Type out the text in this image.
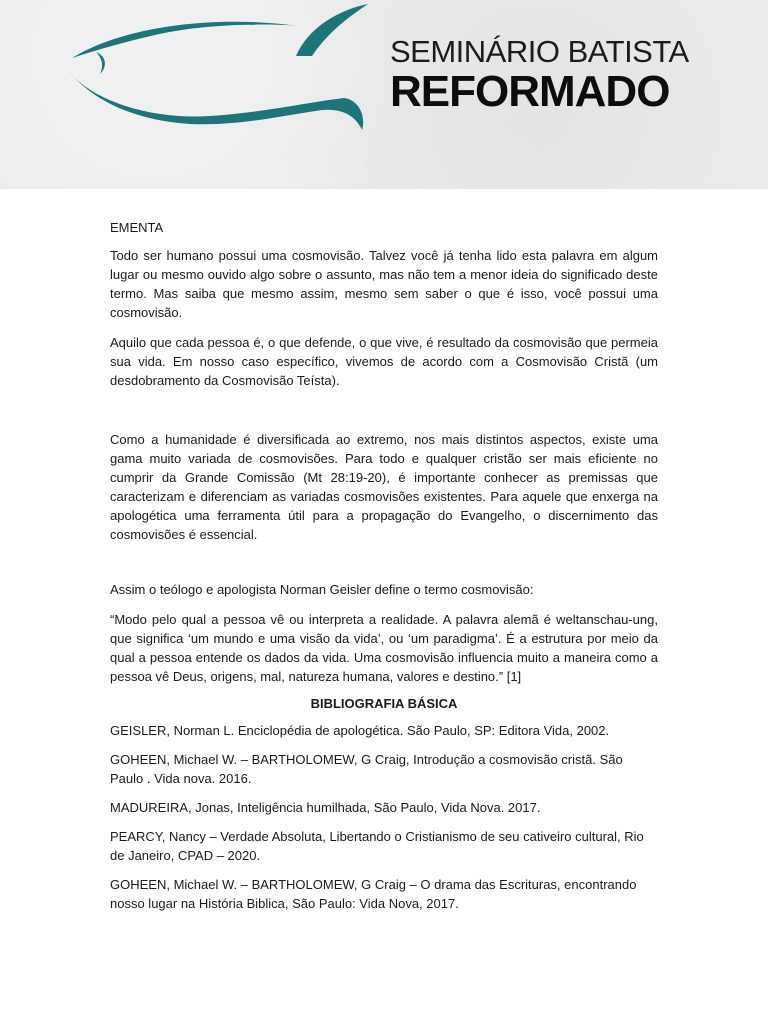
SEMINÁRIO BATISTA
REFORMADO

EMENTA

Todo ser humano possui uma cosmovisão. Talvez você já tenha lido esta palavra em algum lugar ou mesmo ouvido algo sobre o assunto, mas não tem a menor ideia do significado deste termo. Mas saiba que mesmo assim, mesmo sem saber o que é isso, você possui uma cosmovisão.

Aquilo que cada pessoa é, o que defende, o que vive, é resultado da cosmovisão que permeia sua vida. Em nosso caso específico, vivemos de acordo com a Cosmovisão Cristã (um desdobramento da Cosmovisão Teísta).

Como a humanidade é diversificada ao extremo, nos mais distintos aspectos, existe uma gama muito variada de cosmovisões. Para todo e qualquer cristão ser mais eficiente no cumprir da Grande Comissão (Mt 28:19-20), é importante conhecer as premissas que caracterizam e diferenciam as variadas cosmovisões existentes. Para aquele que enxerga na apologética uma ferramenta útil para a propagação do Evangelho, o discernimento das cosmovisões é essencial.

Assim o teólogo e apologista Norman Geisler define o termo cosmovisão:

“Modo pelo qual a pessoa vê ou interpreta a realidade. A palavra alemã é weltanschau-ung, que significa ‘um mundo e uma visão da vida’, ou ‘um paradigma’. É a estrutura por meio da qual a pessoa entende os dados da vida. Uma cosmovisão influencia muito a maneira como a pessoa vê Deus, origens, mal, natureza humana, valores e destino.” [1]

BIBLIOGRAFIA BÁSICA

GEISLER, Norman L. Enciclopédia de apologética. São Paulo, SP: Editora Vida, 2002.

GOHEEN, Michael W. – BARTHOLOMEW, G Craig, Introdução a cosmovisão cristã. São Paulo . Vida nova. 2016.

MADUREIRA, Jonas, Inteligência humilhada, São Paulo, Vida Nova. 2017.

PEARCY, Nancy – Verdade Absoluta, Libertando o Cristianismo de seu cativeiro cultural, Rio de Janeiro, CPAD – 2020.

GOHEEN, Michael W. – BARTHOLOMEW, G Craig – O drama das Escrituras, encontrando nosso lugar na História Biblica, São Paulo: Vida Nova, 2017.
